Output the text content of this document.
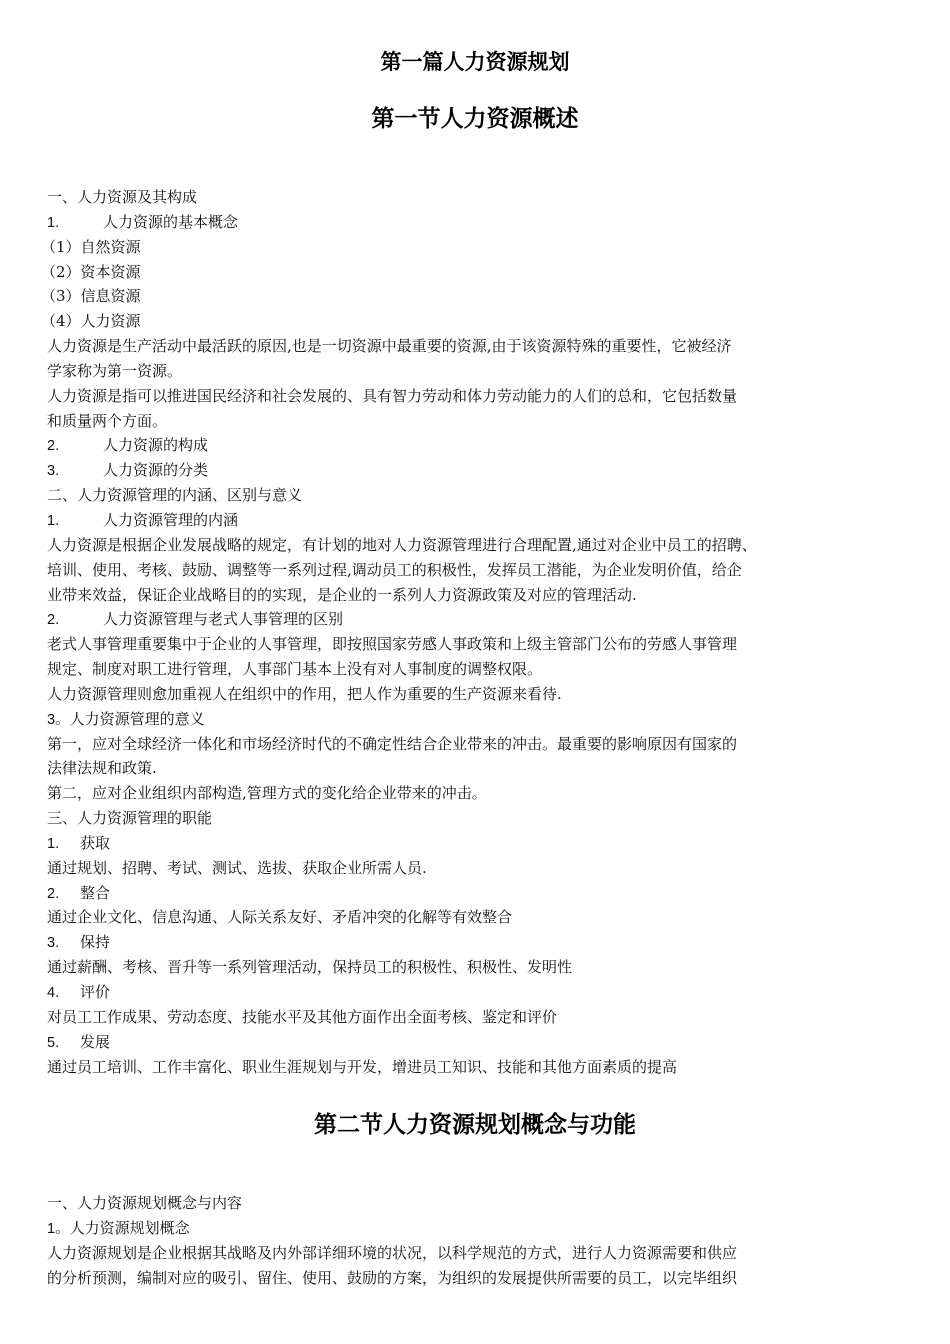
第一篇人力资源规划
第一节人力资源概述
一、人力资源及其构成
1.	人力资源的基本概念
（1）自然资源
（2）资本资源
（3）信息资源
（4）人力资源
人力资源是生产活动中最活跃的原因,也是一切资源中最重要的资源,由于该资源特殊的重要性，它被经济
学家称为第一资源。
人力资源是指可以推进国民经济和社会发展的、具有智力劳动和体力劳动能力的人们的总和，它包括数量
和质量两个方面。
2.	人力资源的构成
3.	人力资源的分类
二、人力资源管理的内涵、区别与意义
1.	人力资源管理的内涵
人力资源是根据企业发展战略的规定，有计划的地对人力资源管理进行合理配置,通过对企业中员工的招聘、
培训、使用、考核、鼓励、调整等一系列过程,调动员工的积极性，发挥员工潜能，为企业发明价值，给企
业带来效益，保证企业战略目的的实现，是企业的一系列人力资源政策及对应的管理活动.
2.	人力资源管理与老式人事管理的区别
老式人事管理重要集中于企业的人事管理，即按照国家劳感人事政策和上级主管部门公布的劳感人事管理
规定、制度对职工进行管理，人事部门基本上没有对人事制度的调整权限。
人力资源管理则愈加重视人在组织中的作用，把人作为重要的生产资源来看待.
3。人力资源管理的意义
第一，应对全球经济一体化和市场经济时代的不确定性结合企业带来的冲击。最重要的影响原因有国家的
法律法规和政策.
第二，应对企业组织内部构造,管理方式的变化给企业带来的冲击。
三、人力资源管理的职能
1. 获取
通过规划、招聘、考试、测试、选拔、获取企业所需人员.
2. 整合
通过企业文化、信息沟通、人际关系友好、矛盾冲突的化解等有效整合
3. 保持
通过薪酬、考核、晋升等一系列管理活动，保持员工的积极性、积极性、发明性
4. 评价
对员工工作成果、劳动态度、技能水平及其他方面作出全面考核、鉴定和评价
5. 发展
通过员工培训、工作丰富化、职业生涯规划与开发，增进员工知识、技能和其他方面素质的提高
第二节人力资源规划概念与功能
一、人力资源规划概念与内容
1。人力资源规划概念
人力资源规划是企业根据其战略及内外部详细环境的状况，以科学规范的方式，进行人力资源需要和供应
的分析预测，编制对应的吸引、留住、使用、鼓励的方案，为组织的发展提供所需要的员工，以完毕组织
